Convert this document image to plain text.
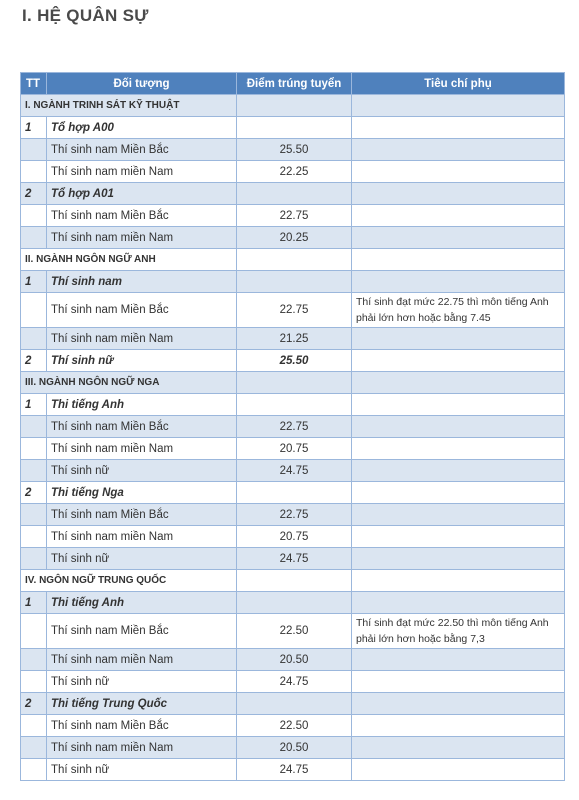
I. HỆ QUÂN SỰ
TT	Đối tượng	Điểm trúng tuyển	Tiêu chí phụ
I. NGÀNH TRINH SÁT KỸ THUẬT			
1	Tổ hợp A00		
	Thí sinh nam Miền Bắc	25.50	
	Thí sinh nam miền Nam	22.25	
2	Tổ hợp A01		
	Thí sinh nam Miền Bắc	22.75	
	Thí sinh nam miền Nam	20.25	
II. NGÀNH NGÔN NGỮ ANH			
1	Thí sinh nam		
	Thí sinh nam Miền Bắc	22.75	Thí sinh đạt mức 22.75 thì môn tiếng Anh phải lớn hơn hoặc bằng 7.45
	Thí sinh nam miền Nam	21.25	
2	Thí sinh nữ	25.50	
III. NGÀNH NGÔN NGỮ NGA			
1	Thi tiếng Anh		
	Thí sinh nam Miền Bắc	22.75	
	Thí sinh nam miền Nam	20.75	
	Thí sinh nữ	24.75	
2	Thi tiếng Nga		
	Thí sinh nam Miền Bắc	22.75	
	Thí sinh nam miền Nam	20.75	
	Thí sinh nữ	24.75	
IV. NGÔN NGỮ TRUNG QUỐC			
1	Thi tiếng Anh		
	Thí sinh nam Miền Bắc	22.50	Thí sinh đạt mức 22.50 thì môn tiếng Anh phải lớn hơn hoặc bằng 7,3
	Thí sinh nam miền Nam	20.50	
	Thí sinh nữ	24.75	
2	Thi tiếng Trung Quốc		
	Thí sinh nam Miền Bắc	22.50	
	Thí sinh nam miền Nam	20.50	
	Thí sinh nữ	24.75	
